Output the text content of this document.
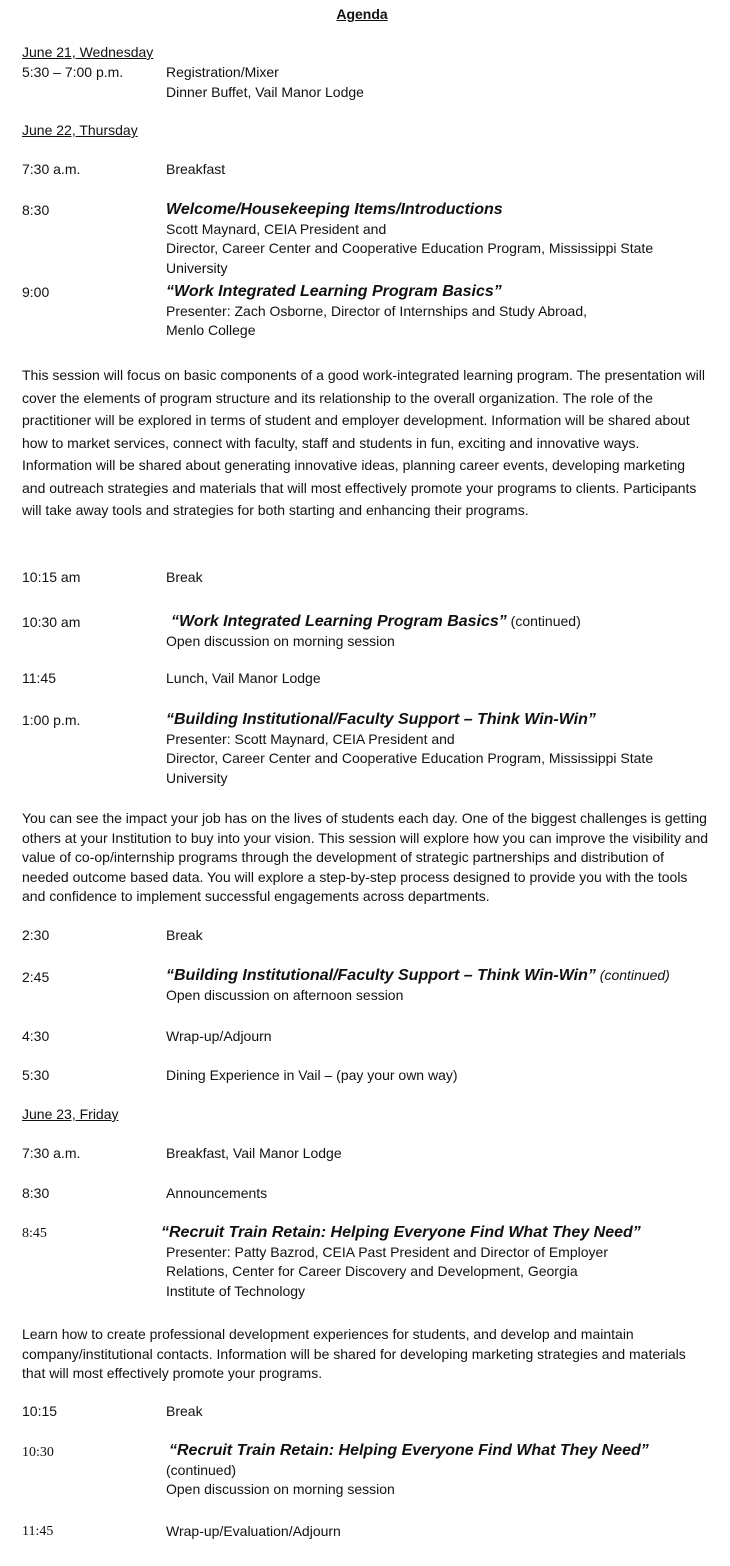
Agenda
June 21, Wednesday
5:30 – 7:00 p.m.	Registration/Mixer
Dinner Buffet, Vail Manor Lodge
June 22, Thursday
7:30 a.m.	Breakfast
8:30	Welcome/Housekeeping Items/Introductions
Scott Maynard, CEIA President and
Director, Career Center and Cooperative Education Program, Mississippi State
University
9:00	“Work Integrated Learning Program Basics”
Presenter: Zach Osborne, Director of Internships and Study Abroad,
Menlo College
This session will focus on basic components of a good work-integrated learning program. The presentation will cover the elements of program structure and its relationship to the overall organization. The role of the practitioner will be explored in terms of student and employer development. Information will be shared about how to market services, connect with faculty, staff and students in fun, exciting and innovative ways. Information will be shared about generating innovative ideas, planning career events, developing marketing and outreach strategies and materials that will most effectively promote your programs to clients. Participants will take away tools and strategies for both starting and enhancing their programs.
10:15 am	Break
10:30 am	“Work Integrated Learning Program Basics” (continued)
Open discussion on morning session
11:45	Lunch, Vail Manor Lodge
1:00 p.m.	“Building Institutional/Faculty Support – Think Win-Win”
Presenter: Scott Maynard, CEIA President and
Director, Career Center and Cooperative Education Program, Mississippi State
University
You can see the impact your job has on the lives of students each day. One of the biggest challenges is getting others at your Institution to buy into your vision. This session will explore how you can improve the visibility and value of co-op/internship programs through the development of strategic partnerships and distribution of needed outcome based data. You will explore a step-by-step process designed to provide you with the tools and confidence to implement successful engagements across departments.
2:30	Break
2:45	“Building Institutional/Faculty Support – Think Win-Win” (continued)
Open discussion on afternoon session
4:30	Wrap-up/Adjourn
5:30	Dining Experience in Vail – (pay your own way)
June 23, Friday
7:30 a.m.	Breakfast, Vail Manor Lodge
8:30	Announcements
8:45	“Recruit Train Retain: Helping Everyone Find What They Need”
Presenter: Patty Bazrod, CEIA Past President and Director of Employer
Relations, Center for Career Discovery and Development, Georgia
Institute of Technology
Learn how to create professional development experiences for students, and develop and maintain company/institutional contacts. Information will be shared for developing marketing strategies and materials that will most effectively promote your programs.
10:15	Break
10:30	“Recruit Train Retain: Helping Everyone Find What They Need”
(continued)
Open discussion on morning session
11:45	Wrap-up/Evaluation/Adjourn
